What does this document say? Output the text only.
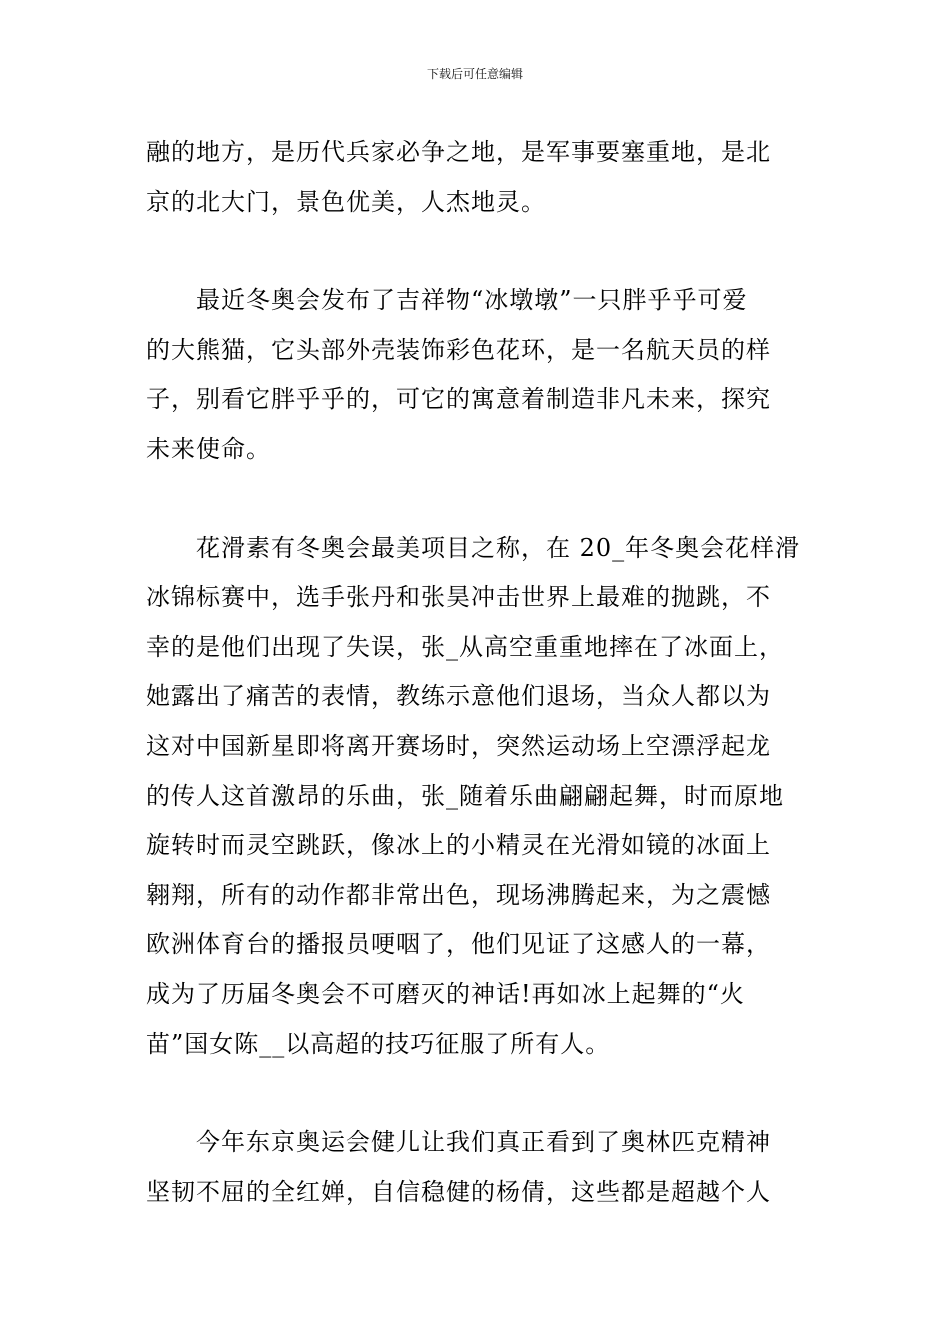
下载后可任意编辑

融的地方，是历代兵家必争之地，是军事要塞重地，是北
京的北大门，景色优美，人杰地灵。

最近冬奥会发布了吉祥物“冰墩墩”一只胖乎乎可爱
的大熊猫，它头部外壳装饰彩色花环，是一名航天员的样
子，别看它胖乎乎的，可它的寓意着制造非凡未来，探究
未来使命。

花滑素有冬奥会最美项目之称，在 20_年冬奥会花样滑
冰锦标赛中，选手张丹和张昊冲击世界上最难的抛跳，不
幸的是他们出现了失误，张_从高空重重地摔在了冰面上，
她露出了痛苦的表情，教练示意他们退场，当众人都以为
这对中国新星即将离开赛场时，突然运动场上空漂浮起龙
的传人这首激昂的乐曲，张_随着乐曲翩翩起舞，时而原地
旋转时而灵空跳跃，像冰上的小精灵在光滑如镜的冰面上
翱翔，所有的动作都非常出色，现场沸腾起来，为之震憾
欧洲体育台的播报员哽咽了，他们见证了这感人的一幕，
成为了历届冬奥会不可磨灭的神话!再如冰上起舞的“火
苗”国女陈__以高超的技巧征服了所有人。

今年东京奥运会健儿让我们真正看到了奥林匹克精神
坚韧不屈的全红婵，自信稳健的杨倩，这些都是超越个人
